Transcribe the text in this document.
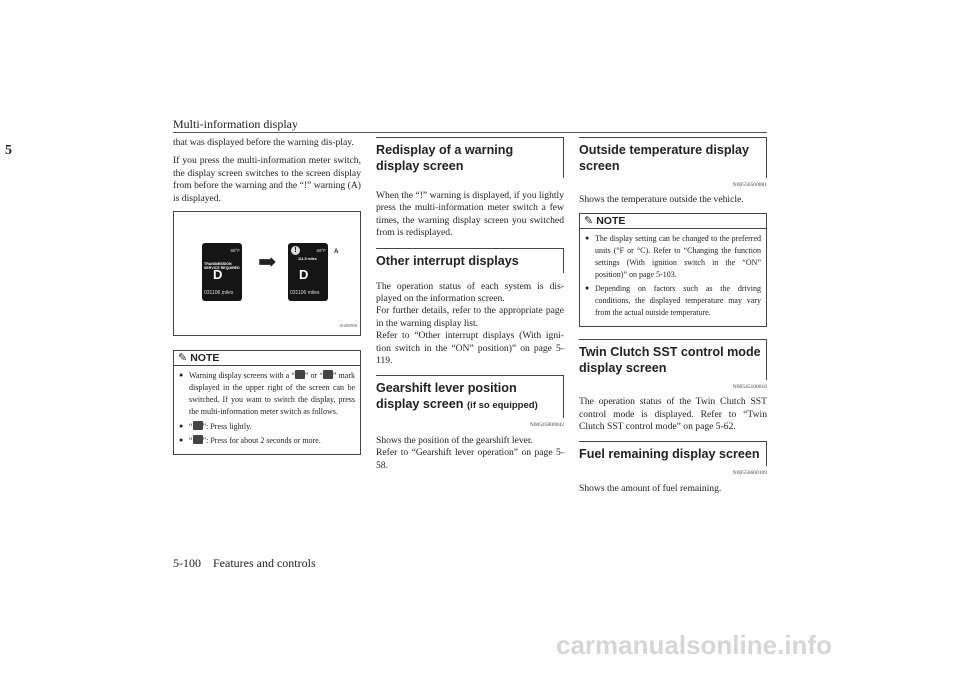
Multi-information display
5

that was displayed before the warning dis-play.

If you press the multi-information meter switch, the display screen switches to the screen display from before the warning and the “!” warning (A) is displayed.

68°F
TRANSMISSION SERVICE REQUIRED
D
031106 miles
!	68°F
111.5 miles
D
031106 miles
➡	A
AG005930
✎ NOTE
● Warning display screens with a “ ” or “ ” mark displayed in the upper right of the screen can be switched. If you want to switch the display, press the multi-information meter switch as follows.
● “ ”: Press lightly.
● “ ”: Press for about 2 seconds or more.
Redisplay of a warning display screen

When the “!” warning is displayed, if you lightly press the multi-information meter switch a few times, the warning display screen you switched from is redisplayed.

Other interrupt displays

The operation status of each system is dis-played on the information screen.

For further details, refer to the appropriate page in the warning display list.

Refer to “Other interrupt displays (With igni-tion switch in the “ON” position)” on page 5-119.

Gearshift lever position display screen (if so equipped)
N00545800042

Shows the position of the gearshift lever.

Refer to “Gearshift lever operation” on page 5-58.

Outside temperature display screen
N00556500081

Shows the temperature outside the vehicle.

✎ NOTE
● The display setting can be changed to the preferred units (°F or °C). Refer to “Changing the function settings (With ignition switch in the “ON” position)” on page 5-103.
● Depending on factors such as the driving conditions, the displayed temperature may vary from the actual outside temperature.
Twin Clutch SST control mode display screen
N00545100016

The operation status of the Twin Clutch SST control mode is displayed. Refer to “Twin Clutch SST control mode” on page 5-62.

Fuel remaining display screen
N00556600109

Shows the amount of fuel remaining.

5-100    Features and controls
carmanualsonline.info
